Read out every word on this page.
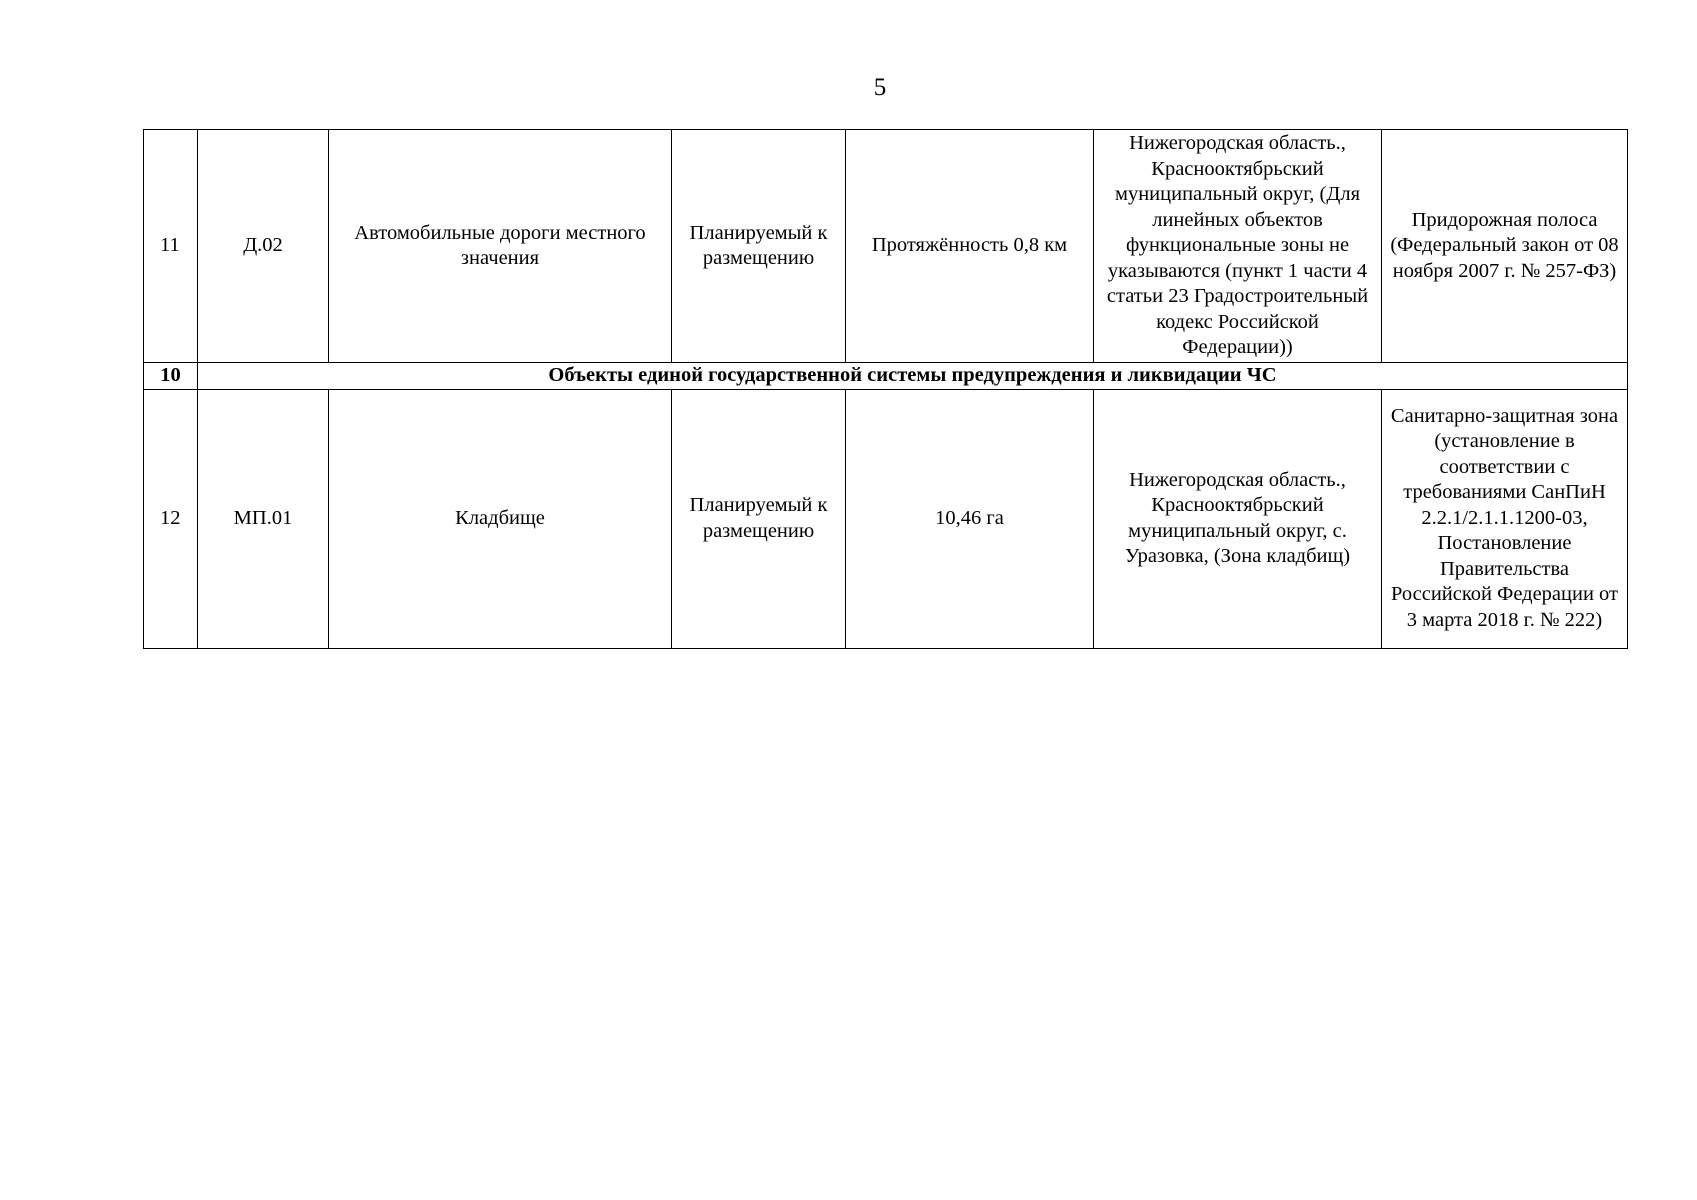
5
11	Д.02	Автомобильные дороги местного значения	Планируемый к размещению	Протяжённость 0,8 км	Нижегородская область., Краснооктябрьский муниципальный округ, (Для линейных объектов функциональные зоны не указываются (пункт 1 части 4 статьи 23 Градостроительный кодекс Российской Федерации))	Придорожная полоса (Федеральный закон от 08 ноября 2007 г. № 257-ФЗ)
10	Объекты единой государственной системы предупреждения и ликвидации ЧС					
12	МП.01	Кладбище	Планируемый к размещению	10,46 га	Нижегородская область., Краснооктябрьский муниципальный округ, с. Уразовка, (Зона кладбищ)	Санитарно-защитная зона (установление в соответствии с требованиями СанПиН 2.2.1/2.1.1.1200-03, Постановление Правительства Российской Федерации от 3 марта 2018 г. № 222)
